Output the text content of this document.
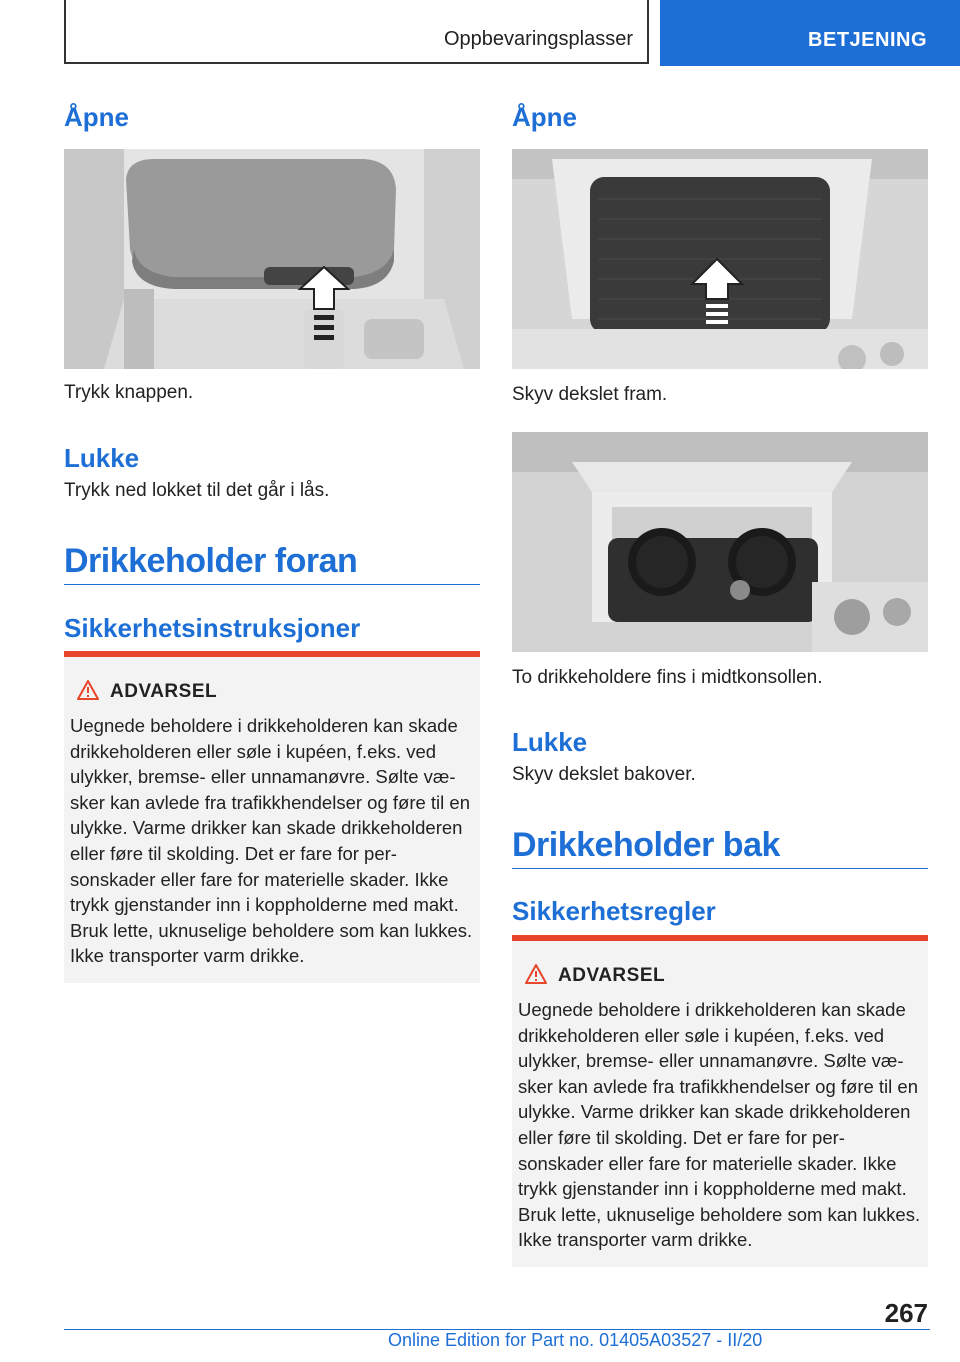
Oppbevaringsplasser	BETJENING
Åpne

Trykk knappen.

Lukke

Trykk ned lokket til det går i lås.

Drikkeholder foran
Sikkerhetsinstruksjoner
ADVARSEL

Uegnede beholdere i drikkeholderen kan skade drikkeholderen eller søle i kupéen, f.eks. ved ulykker, bremse- eller unnamanøvre. Sølte væsker kan avlede fra trafikkhendelser og føre til en ulykke. Varme drikker kan skade drikkeholderen eller føre til skolding. Det er fare for personskader eller fare for materielle skader. Ikke trykk gjenstander inn i koppholderne med makt. Bruk lette, uknuselige beholdere som kan lukkes. Ikke transporter varm drikke.

Åpne

Skyv dekslet fram.

To drikkeholdere fins i midtkonsollen.

Lukke

Skyv dekslet bakover.

Drikkeholder bak
Sikkerhetsregler
ADVARSEL

Uegnede beholdere i drikkeholderen kan skade drikkeholderen eller søle i kupéen, f.eks. ved ulykker, bremse- eller unnamanøvre. Sølte væsker kan avlede fra trafikkhendelser og føre til en ulykke. Varme drikker kan skade drikkeholderen eller føre til skolding. Det er fare for personskader eller fare for materielle skader. Ikke trykk gjenstander inn i koppholderne med makt. Bruk lette, uknuselige beholdere som kan lukkes. Ikke transporter varm drikke.

267
Online Edition for Part no. 01405A03527 - II/20
